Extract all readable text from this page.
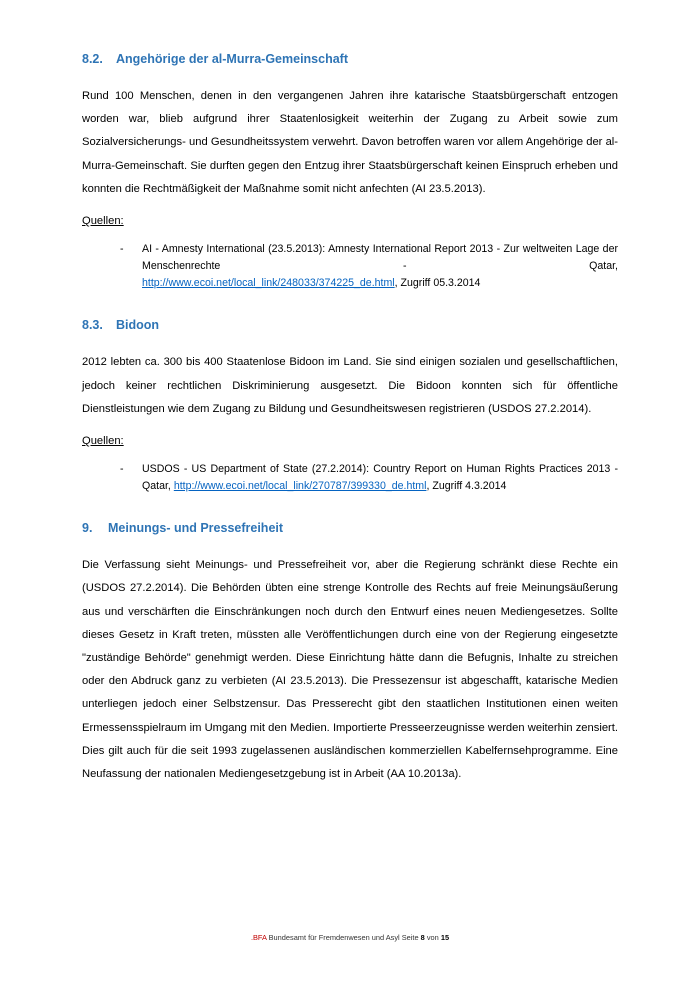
8.2.	Angehörige der al-Murra-Gemeinschaft

Rund 100 Menschen, denen in den vergangenen Jahren ihre katarische Staatsbürgerschaft entzogen worden war, blieb aufgrund ihrer Staatenlosigkeit weiterhin der Zugang zu Arbeit sowie zum Sozialversicherungs- und Gesundheitssystem verwehrt. Davon betroffen waren vor allem Angehörige der al-Murra-Gemeinschaft. Sie durften gegen den Entzug ihrer Staatsbürgerschaft keinen Einspruch erheben und konnten die Rechtmäßigkeit der Maßnahme somit nicht anfechten (AI 23.5.2013).

Quellen:

-	AI - Amnesty International (23.5.2013): Amnesty International Report 2013 - Zur weltweiten Lage der Menschenrechte - Qatar,
http://www.ecoi.net/local_link/248033/374225_de.html, Zugriff 05.3.2014
8.3.	Bidoon

2012 lebten ca. 300 bis 400 Staatenlose Bidoon im Land. Sie sind einigen sozialen und gesellschaftlichen, jedoch keiner rechtlichen Diskriminierung ausgesetzt. Die Bidoon konnten sich für öffentliche Dienstleistungen wie dem Zugang zu Bildung und Gesundheitswesen registrieren (USDOS 27.2.2014).

Quellen:

-	USDOS - US Department of State (27.2.2014): Country Report on Human Rights Practices 2013 - Qatar, http://www.ecoi.net/local_link/270787/399330_de.html, Zugriff 4.3.2014
9.	Meinungs- und Pressefreiheit

Die Verfassung sieht Meinungs- und Pressefreiheit vor, aber die Regierung schränkt diese Rechte ein (USDOS 27.2.2014). Die Behörden übten eine strenge Kontrolle des Rechts auf freie Meinungsäußerung aus und verschärften die Einschränkungen noch durch den Entwurf eines neuen Mediengesetzes. Sollte dieses Gesetz in Kraft treten, müssten alle Veröffentlichungen durch eine von der Regierung eingesetzte "zuständige Behörde" genehmigt werden. Diese Einrichtung hätte dann die Befugnis, Inhalte zu streichen oder den Abdruck ganz zu verbieten (AI 23.5.2013). Die Pressezensur ist abgeschafft, katarische Medien unterliegen jedoch einer Selbstzensur. Das Presserecht gibt den staatlichen Institutionen einen weiten Ermessensspielraum im Umgang mit den Medien. Importierte Presseerzeugnisse werden weiterhin zensiert. Dies gilt auch für die seit 1993 zugelassenen ausländischen kommerziellen Kabelfernsehprogramme. Eine Neufassung der nationalen Mediengesetzgebung ist in Arbeit (AA 10.2013a).

.BFA Bundesamt für Fremdenwesen und Asyl Seite 8 von 15
